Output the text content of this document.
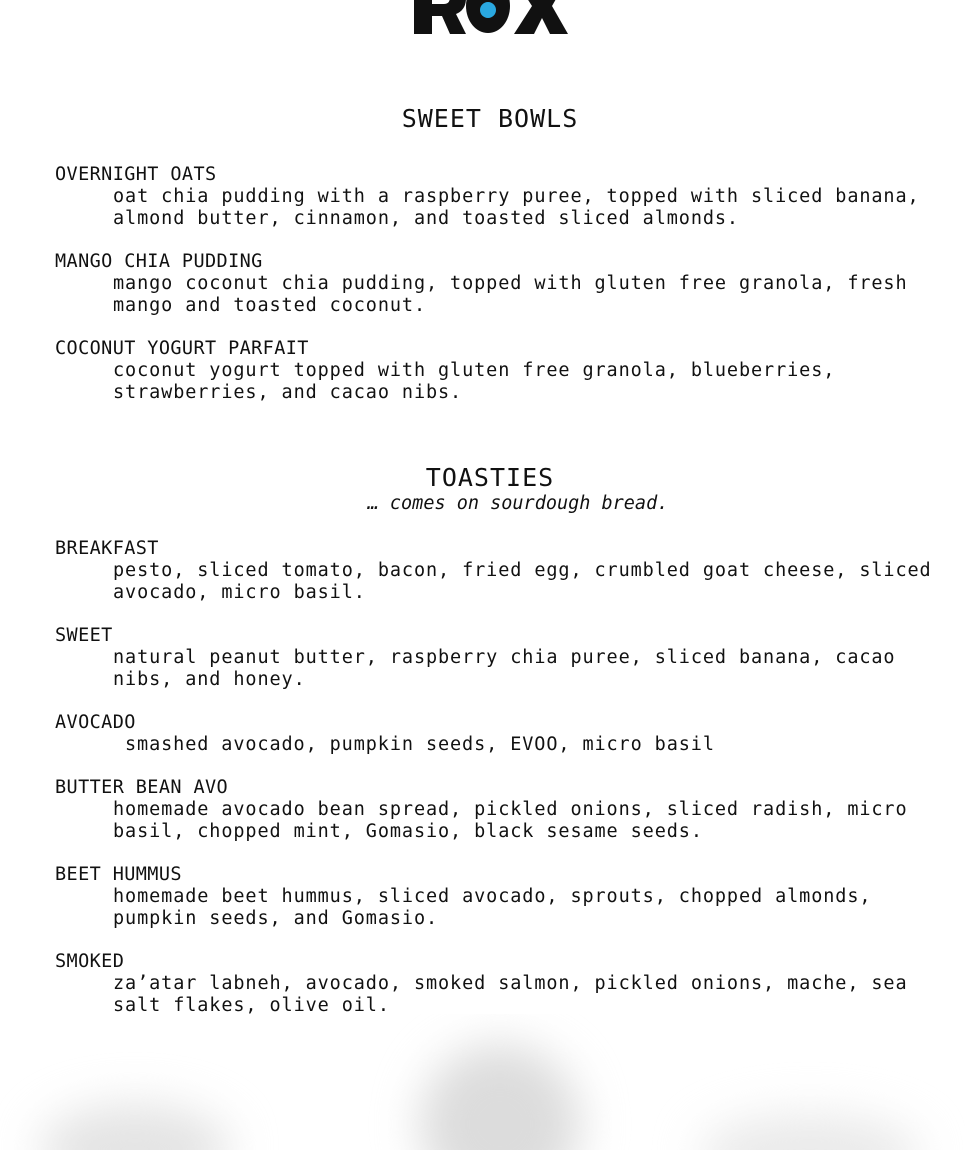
SWEET BOWLS
OVERNIGHT OATS
oat chia pudding with a raspberry puree, topped with sliced banana,
almond butter, cinnamon, and toasted sliced almonds.
MANGO CHIA PUDDING
mango coconut chia pudding, topped with gluten free granola, fresh
mango and toasted coconut.
COCONUT YOGURT PARFAIT
coconut yogurt topped with gluten free granola, blueberries,
strawberries, and cacao nibs.
TOASTIES

… comes on sourdough bread.

BREAKFAST
pesto, sliced tomato, bacon, fried egg, crumbled goat cheese, sliced
avocado, micro basil.
SWEET
natural peanut butter, raspberry chia puree, sliced banana, cacao
nibs, and honey.
AVOCADO
smashed avocado, pumpkin seeds, EVOO, micro basil
BUTTER BEAN AVO
homemade avocado bean spread, pickled onions, sliced radish, micro
basil, chopped mint, Gomasio, black sesame seeds.
BEET HUMMUS
homemade beet hummus, sliced avocado, sprouts, chopped almonds,
pumpkin seeds, and Gomasio.
SMOKED
za’atar labneh, avocado, smoked salmon, pickled onions, mache, sea
salt flakes, olive oil.
